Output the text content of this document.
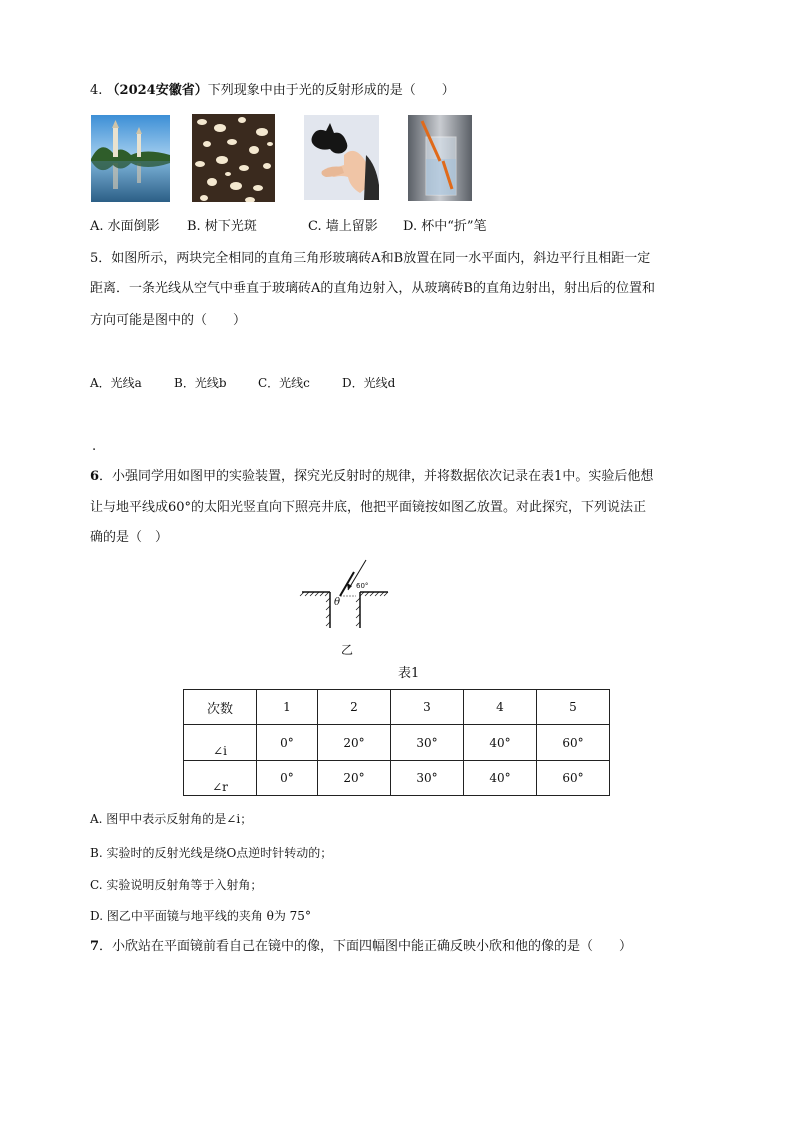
4. （2024安徽省）下列现象中由于光的反射形成的是（　　）
A. 水面倒影 B. 树下光斑	C. 墙上留影 D. 杯中“折”笔
5．如图所示，两块完全相同的直角三角形玻璃砖A和B放置在同一水平面内，斜边平行且相距一定
距离．一条光线从空气中垂直于玻璃砖A的直角边射入，从玻璃砖B的直角边射出，射出后的位置和
方向可能是图中的（　　）
A．光线a	B．光线b	C．光线c	D．光线d
.
6．小强同学用如图甲的实验装置，探究光反射时的规律，并将数据依次记录在表1中。实验后他想
让与地平线成60°的太阳光竖直向下照亮井底，他把平面镜按如图乙放置。对此探究，下列说法正
确的是（　）
60°
θ
乙
表1
次数	1	2	3	4	5
∠i	0°	20°	30°	40°	60°
∠r	0°	20°	30°	40°	60°
A. 图甲中表示反射角的是∠i；
B. 实验时的反射光线是绕O点逆时针转动的；
C. 实验说明反射角等于入射角；
D. 图乙中平面镜与地平线的夹角 θ为 75°
7．小欣站在平面镜前看自己在镜中的像，下面四幅图中能正确反映小欣和他的像的是（　　）
